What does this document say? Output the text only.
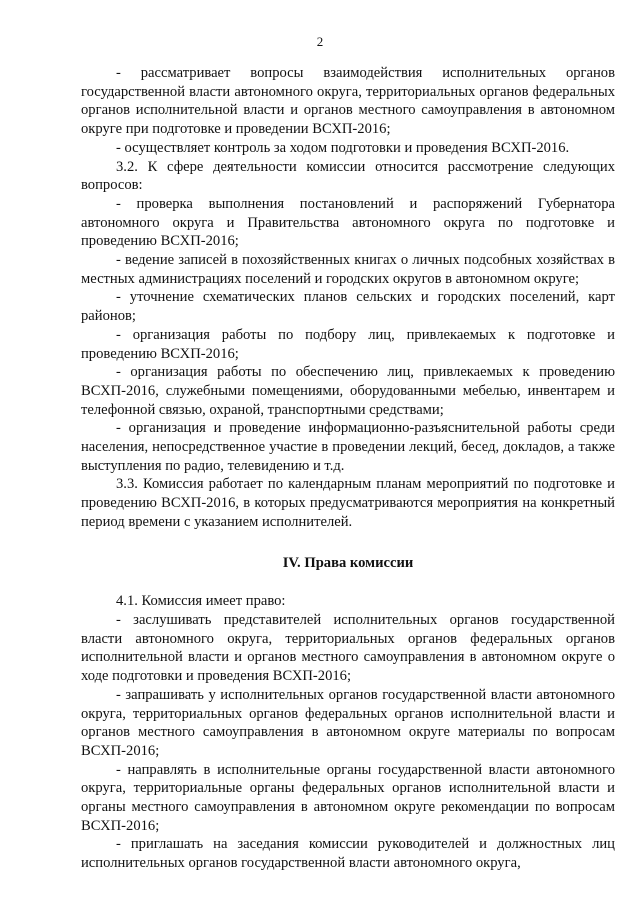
2

- рассматривает вопросы взаимодействия исполнительных органов государственной власти автономного округа, территориальных органов федеральных органов исполнительной власти и органов местного самоуправления в автономном округе при подготовке и проведении ВСХП-2016;

- осуществляет контроль за ходом подготовки и проведения ВСХП-2016.

3.2. К сфере деятельности комиссии относится рассмотрение следующих вопросов:

- проверка выполнения постановлений и распоряжений Губернатора автономного округа и Правительства автономного округа по подготовке и проведению ВСХП-2016;

- ведение записей в похозяйственных книгах о личных подсобных хозяйствах в местных администрациях поселений и городских округов в автономном округе;

- уточнение схематических планов сельских и городских поселений, карт районов;

- организация работы по подбору лиц, привлекаемых к подготовке и проведению ВСХП-2016;

- организация работы по обеспечению лиц, привлекаемых к проведению ВСХП-2016, служебными помещениями, оборудованными мебелью, инвентарем и телефонной связью, охраной, транспортными средствами;

- организация и проведение информационно-разъяснительной работы среди населения, непосредственное участие в проведении лекций, бесед, докладов, а также выступления по радио, телевидению и т.д.

3.3. Комиссия работает по календарным планам мероприятий по подготовке и проведению ВСХП-2016, в которых предусматриваются мероприятия на конкретный период времени с указанием исполнителей.

IV. Права комиссии

4.1. Комиссия имеет право:

- заслушивать представителей исполнительных органов государственной власти автономного округа, территориальных органов федеральных органов исполнительной власти и органов местного самоуправления в автономном округе о ходе подготовки и проведения ВСХП-2016;

- запрашивать у исполнительных органов государственной власти автономного округа, территориальных органов федеральных органов исполнительной власти и органов местного самоуправления в автономном округе материалы по вопросам ВСХП-2016;

- направлять в исполнительные органы государственной власти автономного округа, территориальные органы федеральных органов исполнительной власти и органы местного самоуправления в автономном округе рекомендации по вопросам ВСХП-2016;

- приглашать на заседания комиссии руководителей и должностных лиц исполнительных органов государственной власти автономного округа,
